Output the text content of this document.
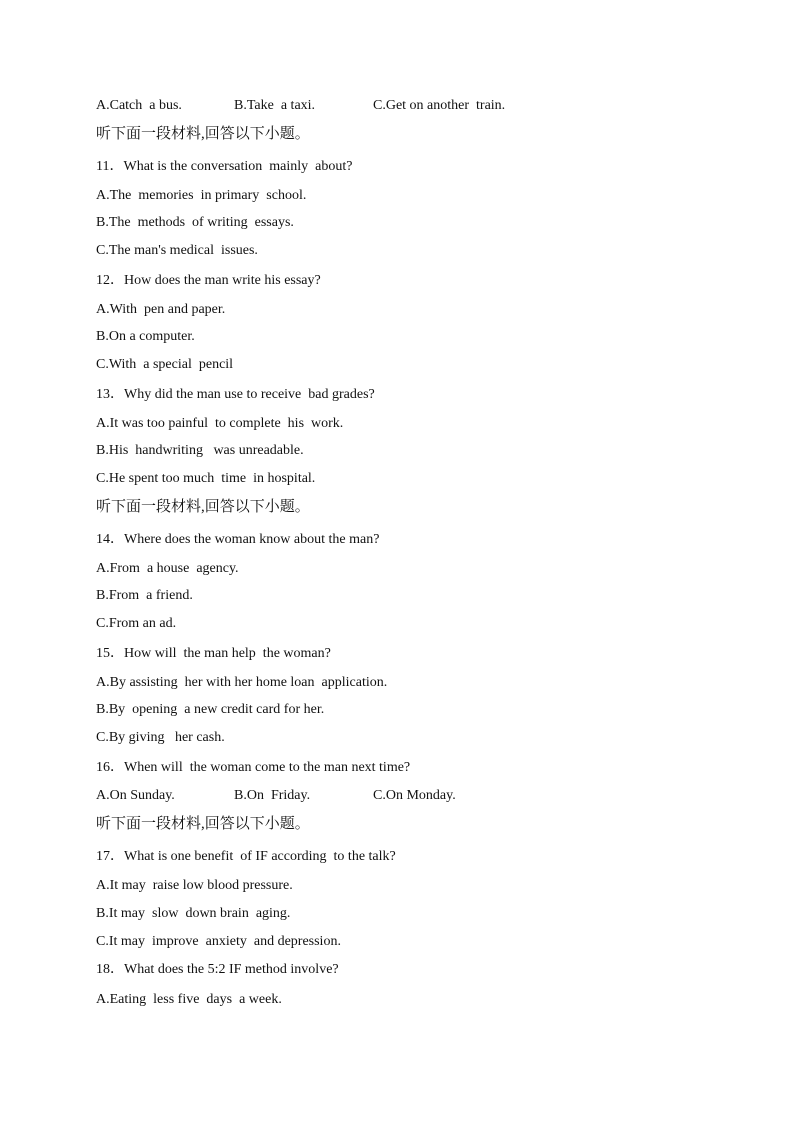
A.Catch  a bus.	B.Take  a taxi.	C.Get on another  train.
听下面一段材料,回答以下小题。
11．What is the conversation  mainly  about?
A.The  memories  in primary  school.
B.The  methods  of writing  essays.
C.The man's medical  issues.
12．How does the man write his essay?
A.With  pen and paper.
B.On a computer.
C.With  a special  pencil
13．Why did the man use to receive  bad grades?
A.It was too painful  to complete  his  work.
B.His  handwriting   was unreadable.
C.He spent too much  time  in hospital.
听下面一段材料,回答以下小题。
14．Where does the woman know about the man?
A.From  a house  agency.
B.From  a friend.
C.From an ad.
15．How will  the man help  the woman?
A.By assisting  her with her home loan  application.
B.By  opening  a new credit card for her.
C.By giving   her cash.
16．When will  the woman come to the man next time?
A.On Sunday.	B.On  Friday.	C.On Monday.
听下面一段材料,回答以下小题。
17．What is one benefit  of IF according  to the talk?
A.It may  raise low blood pressure.
B.It may  slow  down brain  aging.
C.It may  improve  anxiety  and depression.
18．What does the 5:2 IF method involve?
A.Eating  less five  days  a week.
